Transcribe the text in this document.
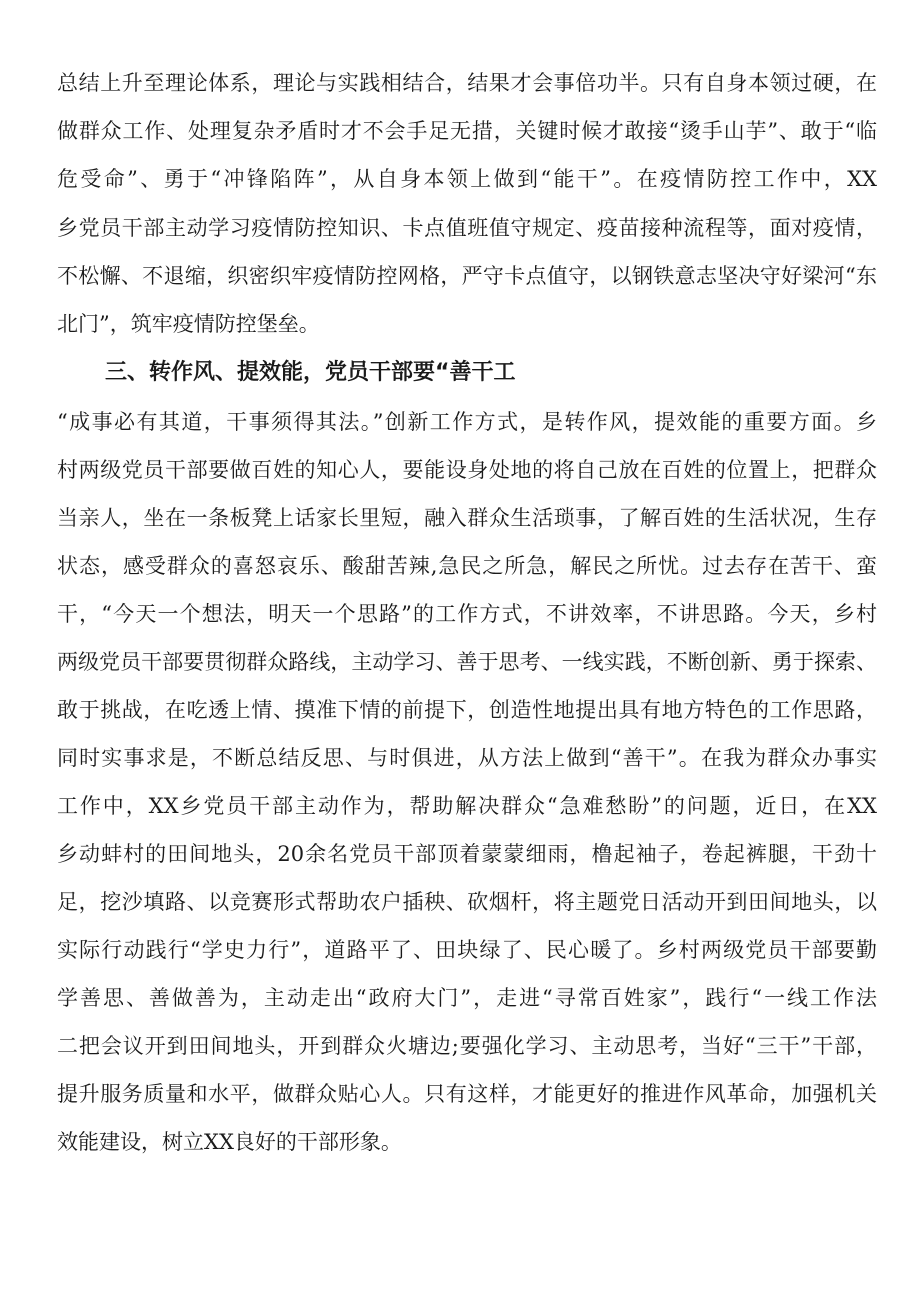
总结上升至理论体系，理论与实践相结合，结果才会事倍功半。只有自身本领过硬，在
做群众工作、处理复杂矛盾时才不会手足无措，关键时候才敢接“烫手山芋”、敢于“临
危受命”、勇于“冲锋陷阵”，从自身本领上做到“能干”。在疫情防控工作中，XX
乡党员干部主动学习疫情防控知识、卡点值班值守规定、疫苗接种流程等，面对疫情，
不松懈、不退缩，织密织牢疫情防控网格，严守卡点值守，以钢铁意志坚决守好梁河“东
北门”，筑牢疫情防控堡垒。
三、转作风、提效能，党员干部要“善干工
“成事必有其道，干事须得其法。”创新工作方式，是转作风，提效能的重要方面。乡
村两级党员干部要做百姓的知心人，要能设身处地的将自己放在百姓的位置上，把群众
当亲人，坐在一条板凳上话家长里短，融入群众生活琐事，了解百姓的生活状况，生存
状态，感受群众的喜怒哀乐、酸甜苦辣,急民之所急，解民之所忧。过去存在苦干、蛮
干，“今天一个想法，明天一个思路”的工作方式，不讲效率，不讲思路。今天，乡村
两级党员干部要贯彻群众路线，主动学习、善于思考、一线实践，不断创新、勇于探索、
敢于挑战，在吃透上情、摸准下情的前提下，创造性地提出具有地方特色的工作思路，
同时实事求是，不断总结反思、与时俱进，从方法上做到“善干”。在我为群众办事实
工作中，XX乡党员干部主动作为，帮助解决群众“急难愁盼”的问题，近日，在XX
乡动蚌村的田间地头，20余名党员干部顶着蒙蒙细雨，橹起袖子，卷起裤腿，干劲十
足，挖沙填路、以竞赛形式帮助农户插秧、砍烟杆，将主题党日活动开到田间地头，以
实际行动践行“学史力行”，道路平了、田块绿了、民心暖了。乡村两级党员干部要勤
学善思、善做善为，主动走出“政府大门”，走进“寻常百姓家”，践行“一线工作法
二把会议开到田间地头，开到群众火塘边;要强化学习、主动思考，当好“三干”干部，
提升服务质量和水平，做群众贴心人。只有这样，才能更好的推进作风革命，加强机关
效能建设，树立XX良好的干部形象。
